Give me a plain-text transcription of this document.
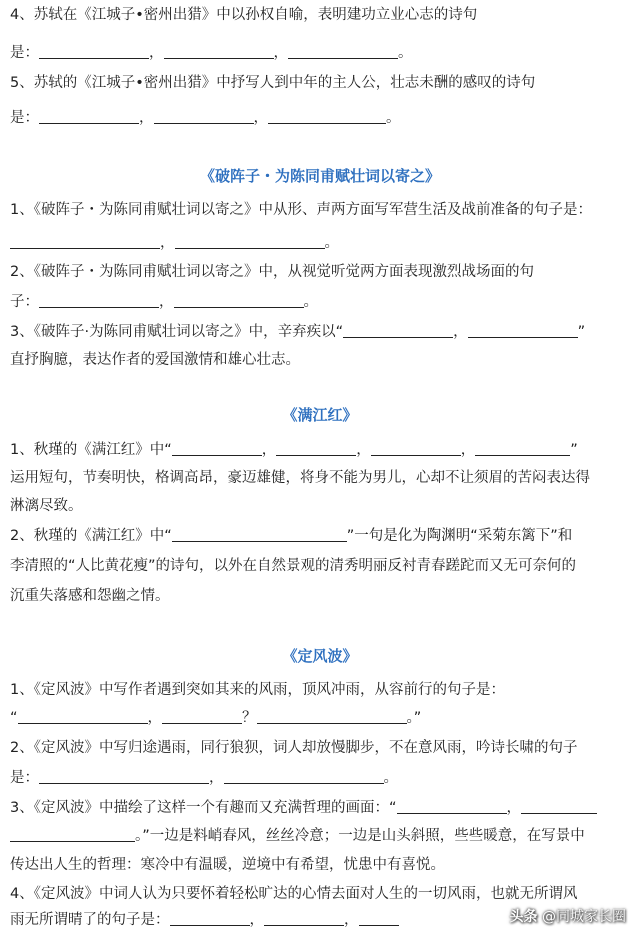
4、苏轼在《江城子•密州出猎》中以孙权自喻，表明建功立业心志的诗句
是：	，	，	。
5、苏轼的《江城子•密州出猎》中抒写人到中年的主人公，壮志未酬的感叹的诗句
是：	，	，	。
《破阵子・为陈同甫赋壮词以寄之》
1、《破阵子・为陈同甫赋壮词以寄之》中从形、声两方面写军营生活及战前准备的句子是：
，	。
2、《破阵子・为陈同甫赋壮词以寄之》中，从视觉听觉两方面表现激烈战场面的句
子：	，	。
3、《破阵子·为陈同甫赋壮词以寄之》中，辛弃疾以“	，	”
直抒胸臆，表达作者的爱国激情和雄心壮志。
《满江红》
1、秋瑾的《满江红》中“	，	，	，	”
运用短句，节奏明快，格调高昂，豪迈雄健，将身不能为男儿，心却不让须眉的苦闷表达得
淋漓尽致。
2、秋瑾的《满江红》中“	”一句是化为陶渊明“采菊东篱下”和
李清照的“人比黄花瘦”的诗句，以外在自然景观的清秀明丽反衬青春蹉跎而又无可奈何的
沉重失落感和怨幽之情。
《定风波》
1、《定风波》中写作者遇到突如其来的风雨，顶风冲雨，从容前行的句子是：
“	，	？	。”
2、《定风波》中写归途遇雨，同行狼狈，词人却放慢脚步，不在意风雨，吟诗长啸的句子
是：	，	。
3、《定风波》中描绘了这样一个有趣而又充满哲理的画面：“	，
。”一边是料峭春风，丝丝冷意；一边是山头斜照，些些暖意，在写景中
传达出人生的哲理：寒冷中有温暖，逆境中有希望，忧患中有喜悦。
4、《定风波》中词人认为只要怀着轻松旷达的心情去面对人生的一切风雨，也就无所谓风
雨无所谓晴了的句子是：	，	，	头条 @同城家长圈
